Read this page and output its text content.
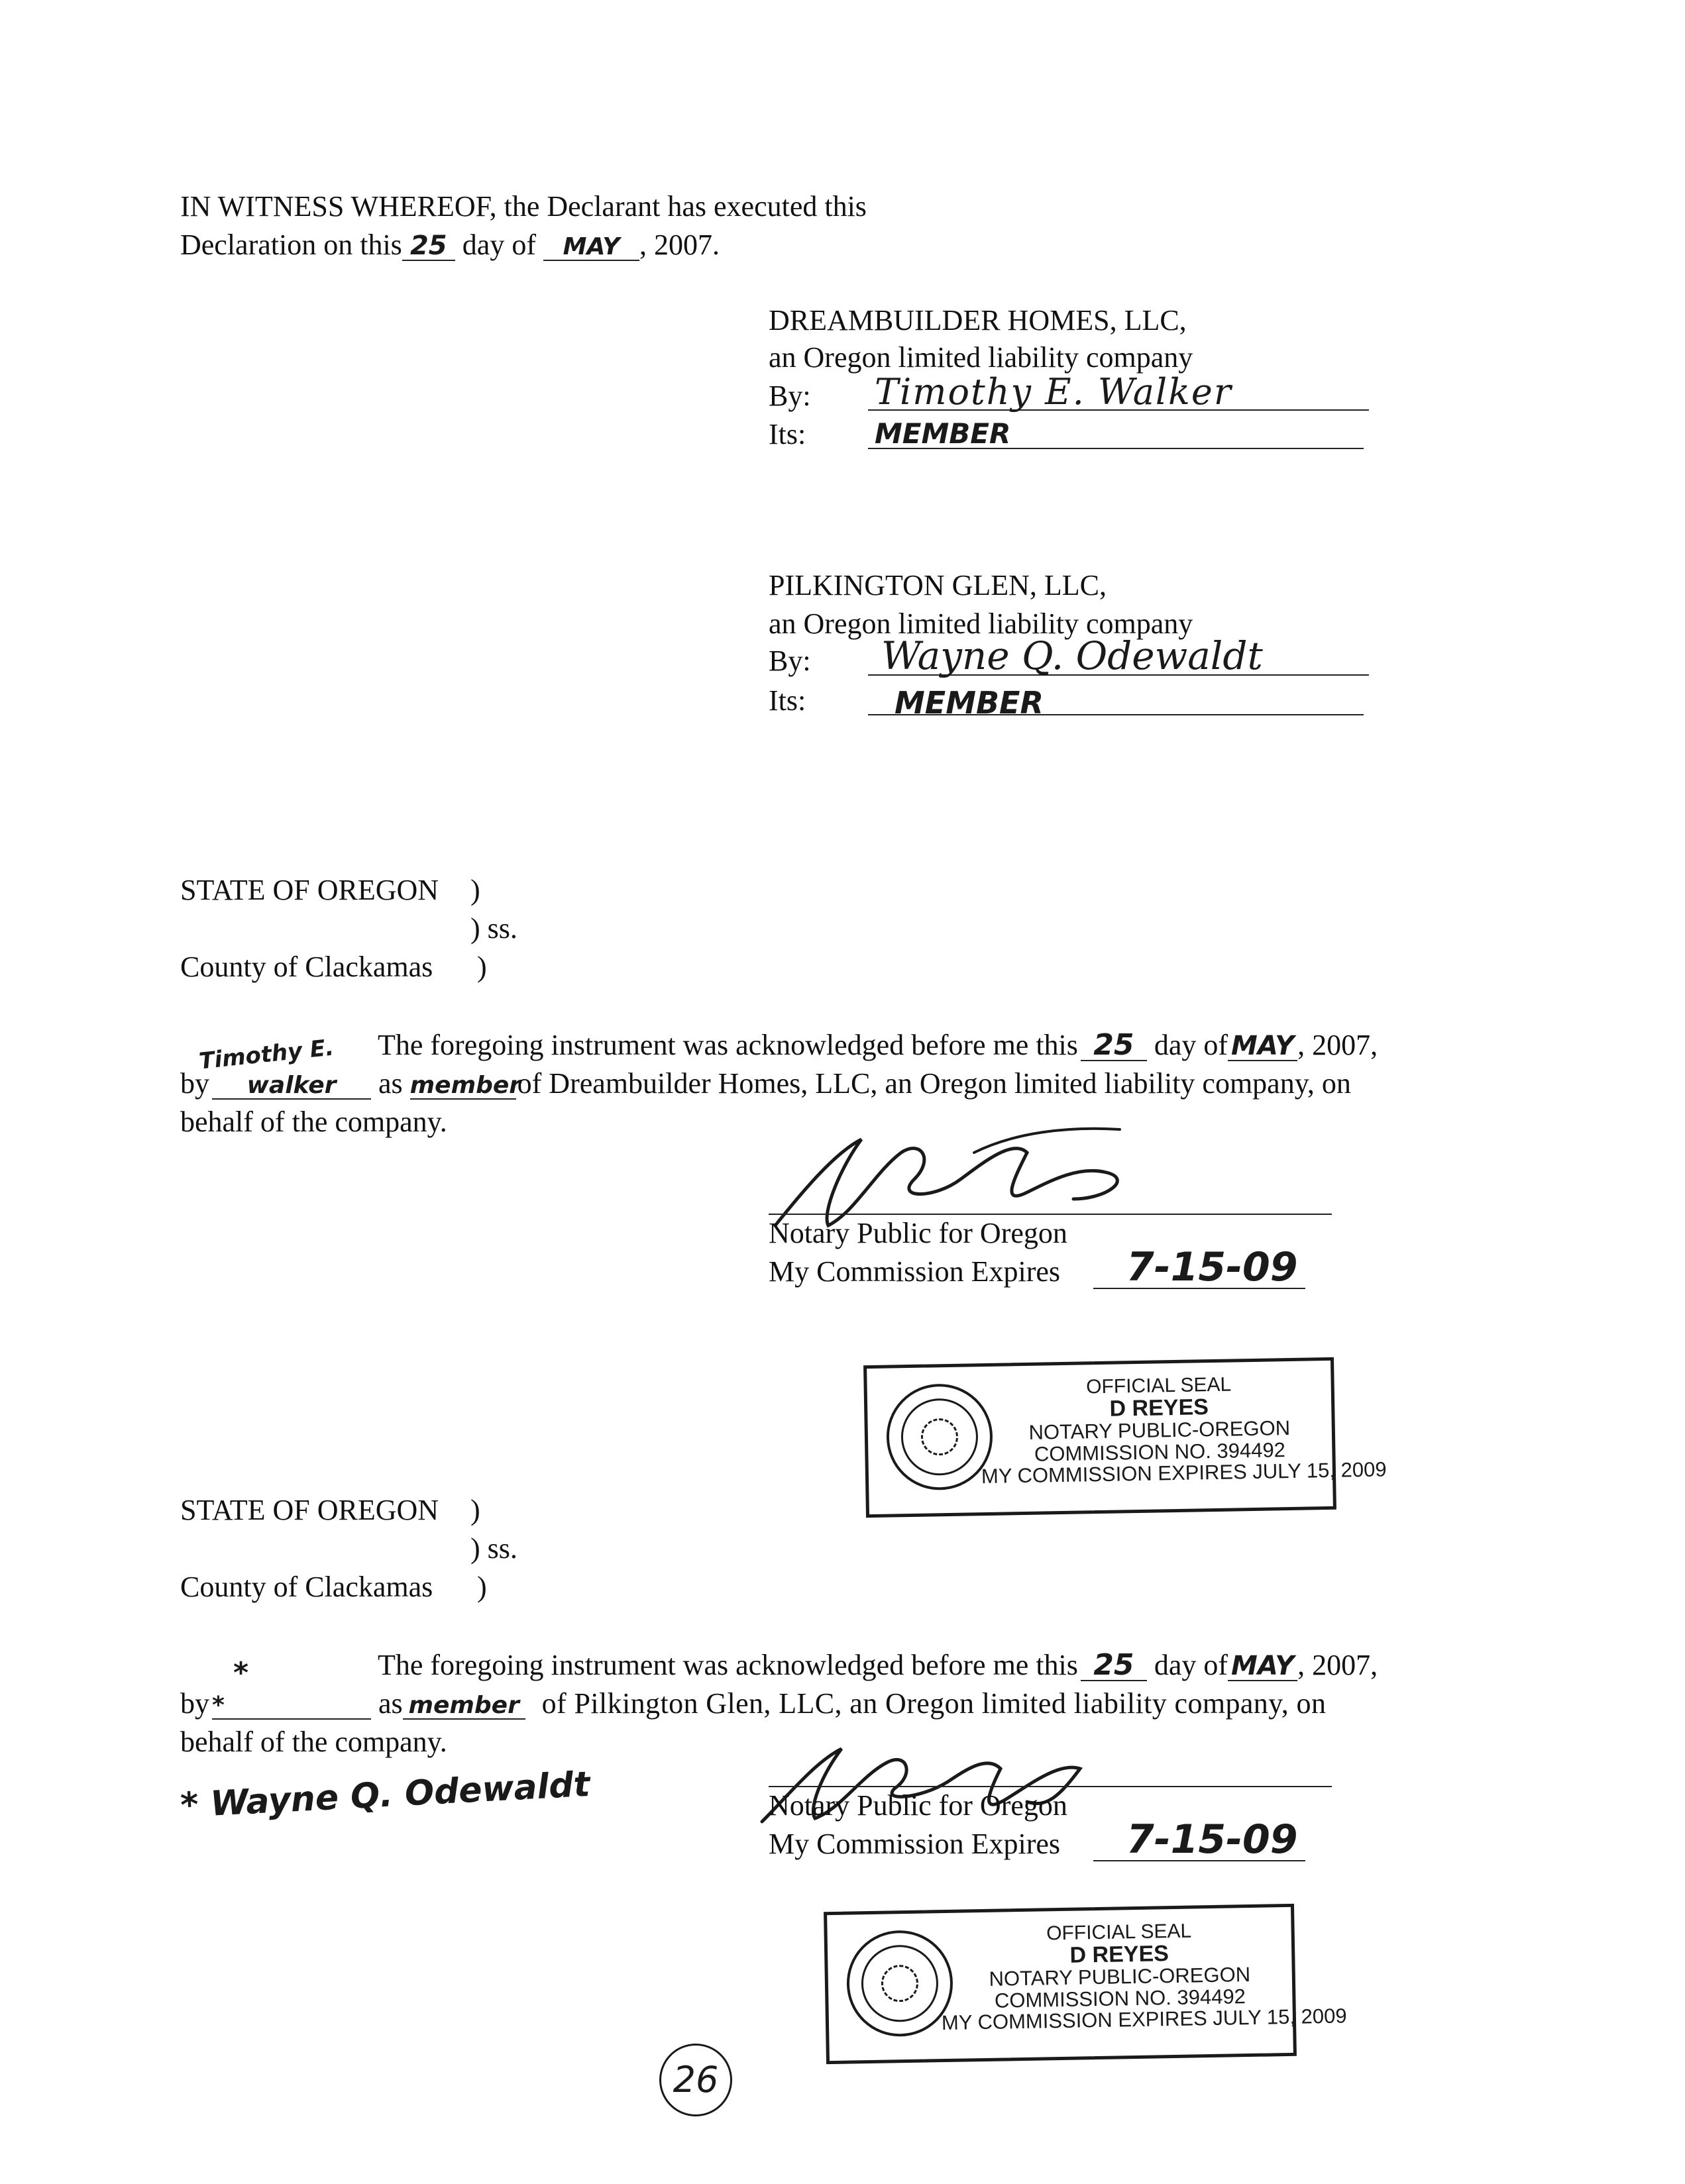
IN WITNESS WHEREOF, the Declarant has executed this
Declaration on this 25 day of MAY , 2007.
DREAMBUILDER HOMES, LLC,
an Oregon limited liability company
By: Timothy E. Walker
Its: MEMBER
PILKINGTON GLEN, LLC,
an Oregon limited liability company
By: Wayne Q. Odewaldt
Its:	MEMBER
STATE OF OREGON )
) ss.
County of Clackamas )
The foregoing instrument was acknowledged before me this 25 day of MAY , 2007,
Timothy E.
by walker as memberof Dreambuilder Homes, LLC, an Oregon limited liability company, on
behalf of the company.
Notary Public for Oregon
My Commission Expires 7-15-09
OFFICIAL SEAL
D REYES
NOTARY PUBLIC-OREGON
COMMISSION NO. 394492
MY COMMISSION EXPIRES JULY 15, 2009
STATE OF OREGON )
) ss.
County of Clackamas )
*	The foregoing instrument was acknowledged before me this 25 day of MAY , 2007,
by *	as member of Pilkington Glen, LLC, an Oregon limited liability company, on
behalf of the company.
* Wayne Q. Odewaldt	Notary Public for Oregon
My Commission Expires 7-15-09
OFFICIAL SEAL
D REYES
NOTARY PUBLIC-OREGON
COMMISSION NO. 394492
MY COMMISSION EXPIRES JULY 15, 2009
26
